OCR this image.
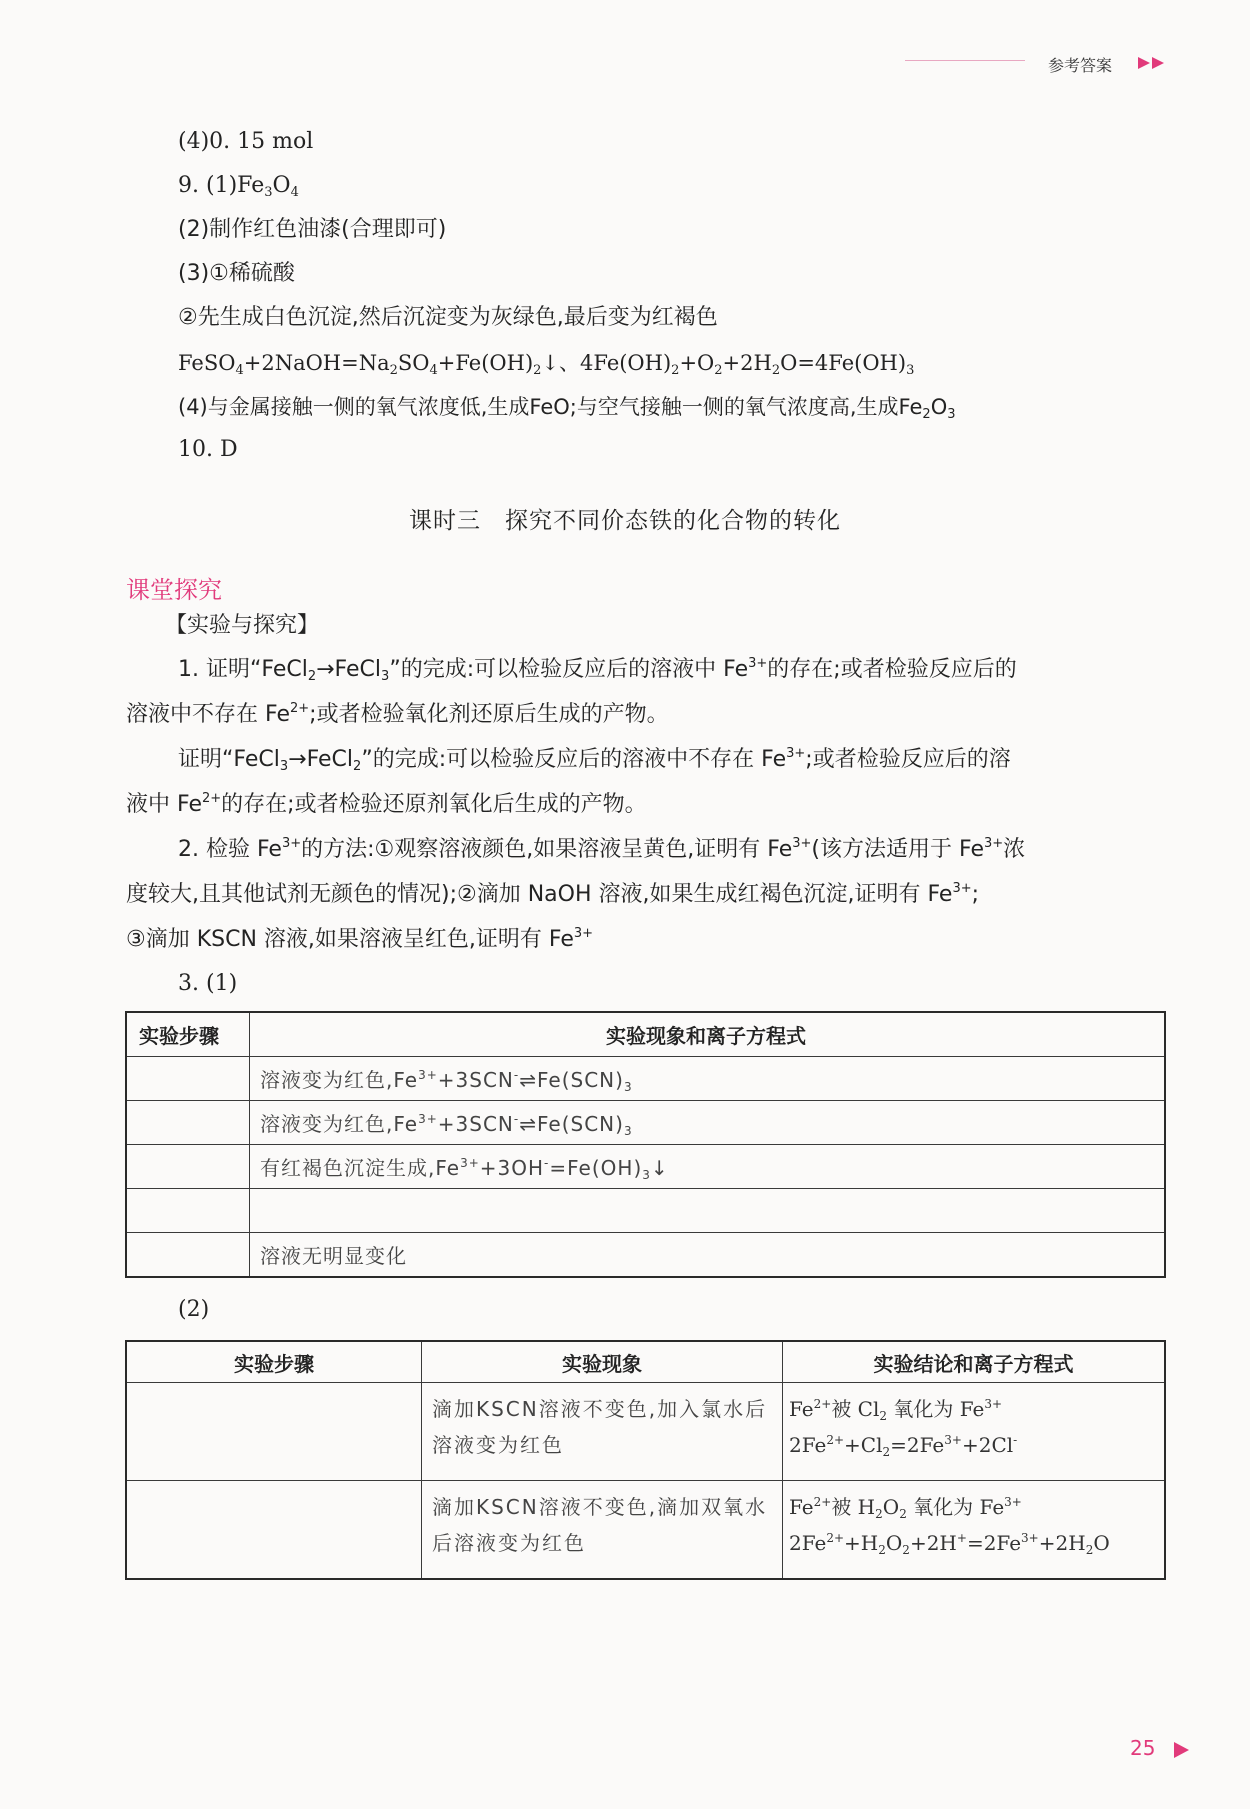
参考答案
(4)0. 15 mol
9. $(1)Fe_3O_4$
(2)制作红色油漆(合理即可)
(3)①稀硫酸
②先生成白色沉淀,然后沉淀变为灰绿色,最后变为红褐色
$FeSO_4+2NaOH=Na_2SO_4+Fe(OH)_2↓$、$4Fe(OH)_2+O_2+2H_2O=4Fe(OH)_3$
(4)与金属接触一侧的氧气浓度低,生成FeO;与空气接触一侧的氧气浓度高,生成$Fe_2O_3$
10. D
课时三　探究不同价态铁的化合物的转化
课堂探究
【实验与探究】
1. 证明“FeCl$_2$→FeCl$_3$”的完成:可以检验反应后的溶液中 $Fe^{3+}$的存在;或者检验反应后的
溶液中不存在 $Fe^{2+}$;或者检验氧化剂还原后生成的产物。
证明“FeCl$_3$→FeCl$_2$”的完成:可以检验反应后的溶液中不存在 $Fe^{3+}$;或者检验反应后的溶
液中 $Fe^{2+}$的存在;或者检验还原剂氧化后生成的产物。
2. 检验 $Fe^{3+}$的方法:①观察溶液颜色,如果溶液呈黄色,证明有 $Fe^{3+}$(该方法适用于 $Fe^{3+}$浓
度较大,且其他试剂无颜色的情况);②滴加 NaOH 溶液,如果生成红褐色沉淀,证明有 $Fe^{3+}$;
③滴加 KSCN 溶液,如果溶液呈红色,证明有 $Fe^{3+}$
3. (1)
实验步骤	实验现象和离子方程式
	溶液变为红色$,Fe^{3+}+3SCN^-\rightleftharpoons Fe(SCN)_3$
	溶液变为红色$,Fe^{3+}+3SCN^-\rightleftharpoons Fe(SCN)_3$
	有红褐色沉淀生成$,Fe^{3+}+3OH^-=Fe(OH)_3↓$

	溶液无明显变化
(2)
实验步骤	实验现象	实验结论和离子方程式
	滴加KSCN溶液不变色,加入氯水后溶液变为红色	$Fe^{2+}$被 $Cl_2$ 氧化为 $Fe^{3+}$
$2Fe^{2+}+Cl_2=2Fe^{3+}+2Cl^-$

	滴加KSCN溶液不变色,滴加双氧水后溶液变为红色	$Fe^{2+}$被 $H_2O_2$ 氧化为 $Fe^{3+}$
$2Fe^{2+}+H_2O_2+2H^+=2Fe^{3+}+2H_2O$
25
